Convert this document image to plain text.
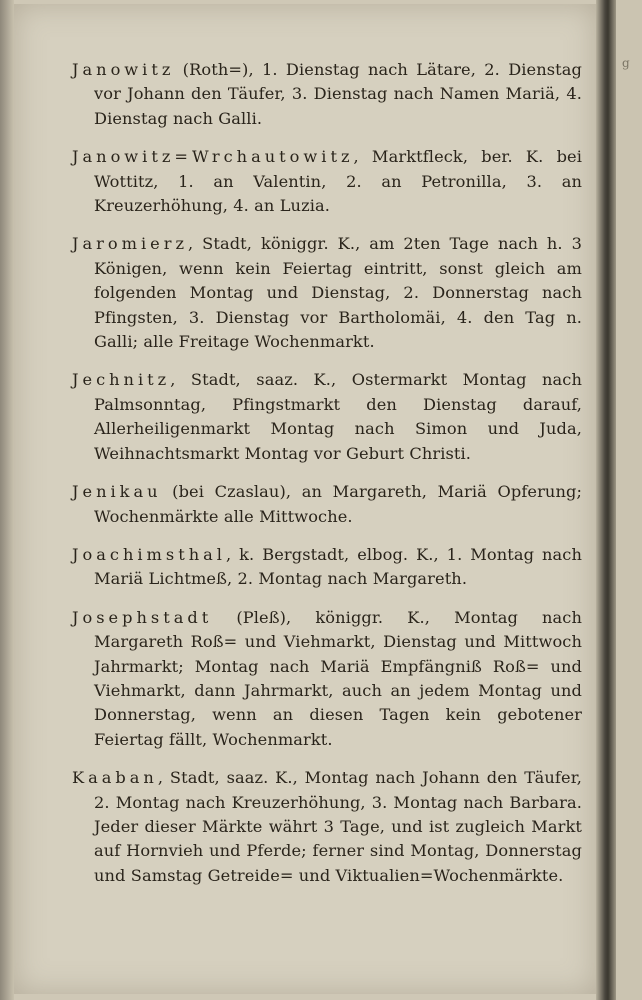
Janowitz (Roth=), 1. Dienstag nach Lätare, 2. Dienstag vor Johann den Täufer, 3. Dienstag nach Namen Mariä, 4. Dienstag nach Galli.

Janowitz=Wrchautowitz, Marktfleck, ber. K. bei Wottitz, 1. an Valentin, 2. an Petronilla, 3. an Kreuzerhöhung, 4. an Luzia.

Jaromierz, Stadt, königgr. K., am 2ten Tage nach h. 3 Königen, wenn kein Feiertag eintritt, sonst gleich am folgenden Montag und Dienstag, 2. Donnerstag nach Pfingsten, 3. Dienstag vor Bartholomäi, 4. den Tag n. Galli; alle Freitage Wochenmarkt.

Jechnitz, Stadt, saaz. K., Ostermarkt Montag nach Palmsonntag, Pfingstmarkt den Dienstag darauf, Allerheiligenmarkt Montag nach Simon und Juda, Weihnachtsmarkt Montag vor Geburt Christi.

Jenikau (bei Czaslau), an Margareth, Mariä Opferung; Wochenmärkte alle Mittwoche.

Joachimsthal, k. Bergstadt, elbog. K., 1. Montag nach Mariä Lichtmeß, 2. Montag nach Margareth.

Josephstadt (Pleß), königgr. K., Montag nach Margareth Roß= und Viehmarkt, Dienstag und Mittwoch Jahrmarkt; Montag nach Mariä Empfängniß Roß= und Viehmarkt, dann Jahrmarkt, auch an jedem Montag und Donnerstag, wenn an diesen Tagen kein gebotener Feiertag fällt, Wochenmarkt.

Kaaban, Stadt, saaz. K., Montag nach Johann den Täufer, 2. Montag nach Kreuzerhöhung, 3. Montag nach Barbara. Jeder dieser Märkte währt 3 Tage, und ist zugleich Markt auf Hornvieh und Pferde; ferner sind Montag, Donnerstag und Samstag Getreide= und Viktualien=Wochenmärkte.

g
